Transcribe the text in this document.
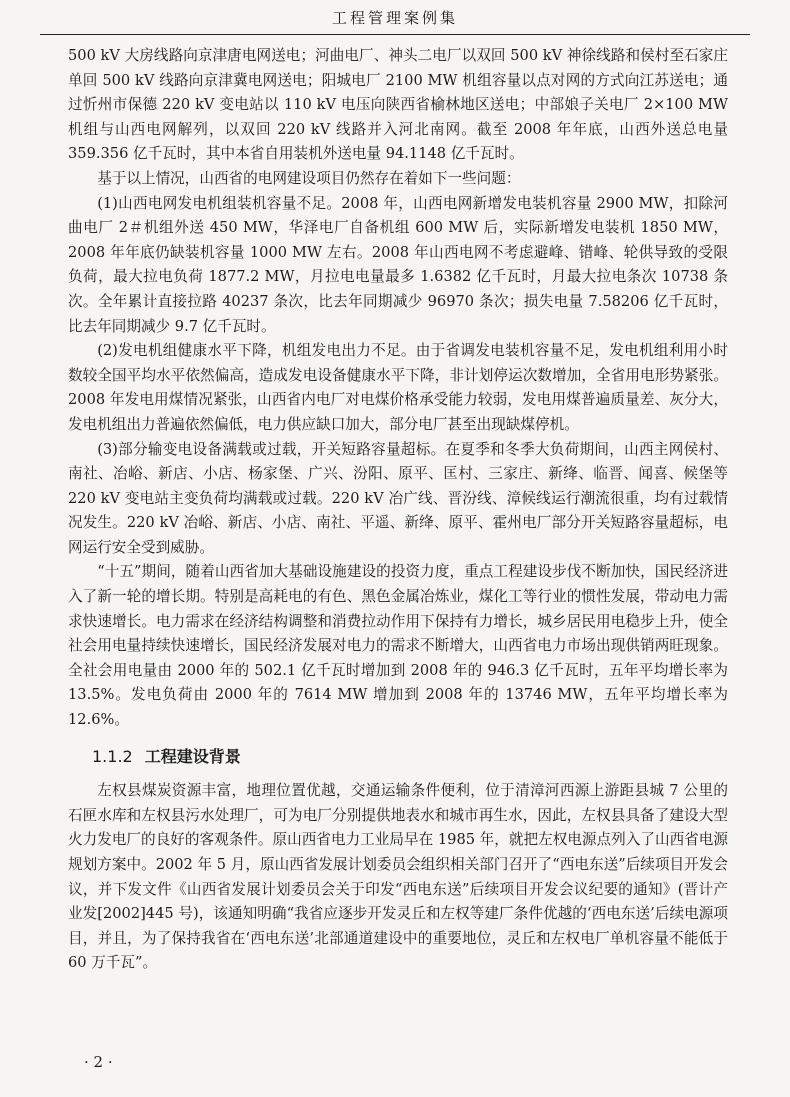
工程管理案例集

500 kV 大房线路向京津唐电网送电；河曲电厂、神头二电厂以双回 500 kV 神徐线路和侯村至石家庄单回 500 kV 线路向京津冀电网送电；阳城电厂 2100 MW 机组容量以点对网的方式向江苏送电；通过忻州市保德 220 kV 变电站以 110 kV 电压向陕西省榆林地区送电；中部娘子关电厂 2×100 MW 机组与山西电网解列，以双回 220 kV 线路并入河北南网。截至 2008 年年底，山西外送总电量 359.356 亿千瓦时，其中本省自用装机外送电量 94.1148 亿千瓦时。

基于以上情况，山西省的电网建设项目仍然存在着如下一些问题：

(1)山西电网发电机组装机容量不足。2008 年，山西电网新增发电装机容量 2900 MW，扣除河曲电厂 2＃机组外送 450 MW，华泽电厂自备机组 600 MW 后，实际新增发电装机 1850 MW，2008 年年底仍缺装机容量 1000 MW 左右。2008 年山西电网不考虑避峰、错峰、轮供导致的受限负荷，最大拉电负荷 1877.2 MW，月拉电电量最多 1.6382 亿千瓦时，月最大拉电条次 10738 条次。全年累计直接拉路 40237 条次，比去年同期减少 96970 条次；损失电量 7.58206 亿千瓦时，比去年同期减少 9.7 亿千瓦时。

(2)发电机组健康水平下降，机组发电出力不足。由于省调发电装机容量不足，发电机组利用小时数较全国平均水平依然偏高，造成发电设备健康水平下降，非计划停运次数增加，全省用电形势紧张。2008 年发电用煤情况紧张，山西省内电厂对电煤价格承受能力较弱，发电用煤普遍质量差、灰分大，发电机组出力普遍依然偏低，电力供应缺口加大，部分电厂甚至出现缺煤停机。

(3)部分输变电设备满载或过载，开关短路容量超标。在夏季和冬季大负荷期间，山西主网侯村、南社、冶峪、新店、小店、杨家堡、广兴、汾阳、原平、匡村、三家庄、新绛、临晋、闻喜、候堡等 220 kV 变电站主变负荷均满载或过载。220 kV 冶广线、晋汾线、漳候线运行潮流很重，均有过载情况发生。220 kV 冶峪、新店、小店、南社、平遥、新绛、原平、霍州电厂部分开关短路容量超标，电网运行安全受到威胁。

“十五”期间，随着山西省加大基础设施建设的投资力度，重点工程建设步伐不断加快，国民经济进入了新一轮的增长期。特别是高耗电的有色、黑色金属冶炼业，煤化工等行业的惯性发展，带动电力需求快速增长。电力需求在经济结构调整和消费拉动作用下保持有力增长，城乡居民用电稳步上升，使全社会用电量持续快速增长，国民经济发展对电力的需求不断增大，山西省电力市场出现供销两旺现象。全社会用电量由 2000 年的 502.1 亿千瓦时增加到 2008 年的 946.3 亿千瓦时，五年平均增长率为 13.5%。发电负荷由 2000 年的 7614 MW 增加到 2008 年的 13746 MW，五年平均增长率为 12.6%。

1.1.2 工程建设背景

左权县煤炭资源丰富，地理位置优越，交通运输条件便利，位于清漳河西源上游距县城 7 公里的石匣水库和左权县污水处理厂，可为电厂分别提供地表水和城市再生水，因此，左权县具备了建设大型火力发电厂的良好的客观条件。原山西省电力工业局早在 1985 年，就把左权电源点列入了山西省电源规划方案中。2002 年 5 月，原山西省发展计划委员会组织相关部门召开了“西电东送”后续项目开发会议，并下发文件《山西省发展计划委员会关于印发“西电东送”后续项目开发会议纪要的通知》(晋计产业发[2002]445 号)，该通知明确“我省应逐步开发灵丘和左权等建厂条件优越的‘西电东送’后续电源项目，并且，为了保持我省在‘西电东送’北部通道建设中的重要地位，灵丘和左权电厂单机容量不能低于 60 万千瓦”。

· 2 ·
